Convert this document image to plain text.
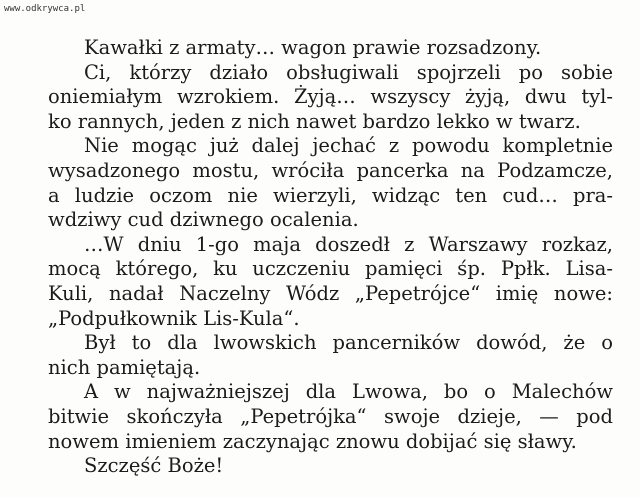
www.odkrywca.pl
Kawałki z armaty… wagon prawie rozsadzony.
Ci, którzy działo obsługiwali spojrzeli po sobie
oniemiałym wzrokiem. Żyją… wszyscy żyją, dwu tyl-
ko rannych, jeden z nich nawet bardzo lekko w twarz.
Nie mogąc już dalej jechać z powodu kompletnie
wysadzonego mostu, wróciła pancerka na Podzamcze,
a ludzie oczom nie wierzyli, widząc ten cud… pra-
wdziwy cud dziwnego ocalenia.
…W dniu 1-go maja doszedł z Warszawy rozkaz,
mocą którego, ku uczczeniu pamięci śp. Ppłk. Lisa-
Kuli, nadał Naczelny Wódz „Pepetrójce“ imię nowe:
„Podpułkownik Lis-Kula“.
Był to dla lwowskich pancerników dowód, że o
nich pamiętają.
A w najważniejszej dla Lwowa, bo o Malechów
bitwie skończyła „Pepetrójka“ swoje dzieje, — pod
nowem imieniem zaczynając znowu dobijać się sławy.
Szczęść Boże!
